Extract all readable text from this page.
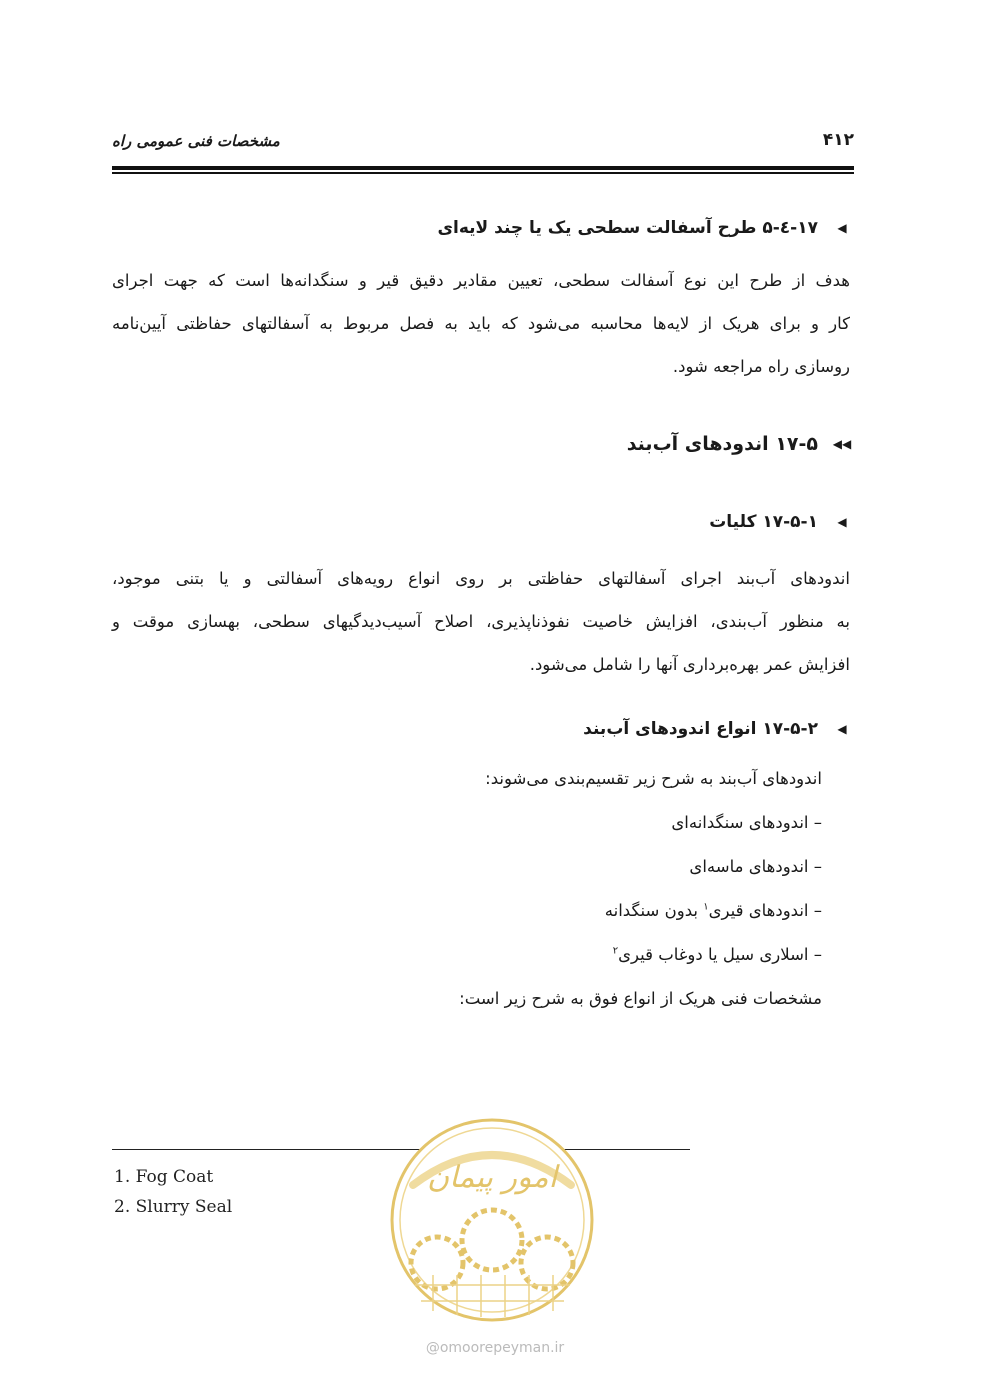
مشخصات فنی عمومی راه	۴۱۲
◀
۱۷-٤-۵ طرح آسفالت سطحی یک یا چند لایه‌ای
هدف از طرح این نوع آسفالت سطحی، تعیین مقادیر دقیق قیر و سنگدانه‌ها است که جهت اجرای
کار و برای هریک از لایه‌ها محاسبه می‌شود که باید به فصل مربوط به آسفالتهای حفاظتی آیین‌نامه
روسازی راه مراجعه شود.
◀◀
۱۷-۵ اندودهای آب‌بند
◀
۱۷-۵-۱ کلیات
اندودهای آب‌بند اجرای آسفالتهای حفاظتی بر روی انواع رویه‌های آسفالتی و یا بتنی موجود،
به منظور آب‌بندی، افزایش خاصیت نفوذناپذیری، اصلاح آسیب‌دیدگیهای سطحی، بهسازی موقت و
افزایش عمر بهره‌برداری آنها را شامل می‌شود.
◀
۱۷-۵-۲ انواع اندودهای آب‌بند
اندودهای آب‌بند به شرح زیر تقسیم‌بندی می‌شوند:
– اندودهای سنگدانه‌ای
– اندودهای ماسه‌ای
– اندودهای قیری$^۱$ بدون سنگدانه
– اسلاری سیل یا دوغاب قیری$^۲$
مشخصات فنی هریک از انواع فوق به شرح زیر است:
1. Fog Coat
2. Slurry Seal
امور پیمان
@omoorepeyman.ir
